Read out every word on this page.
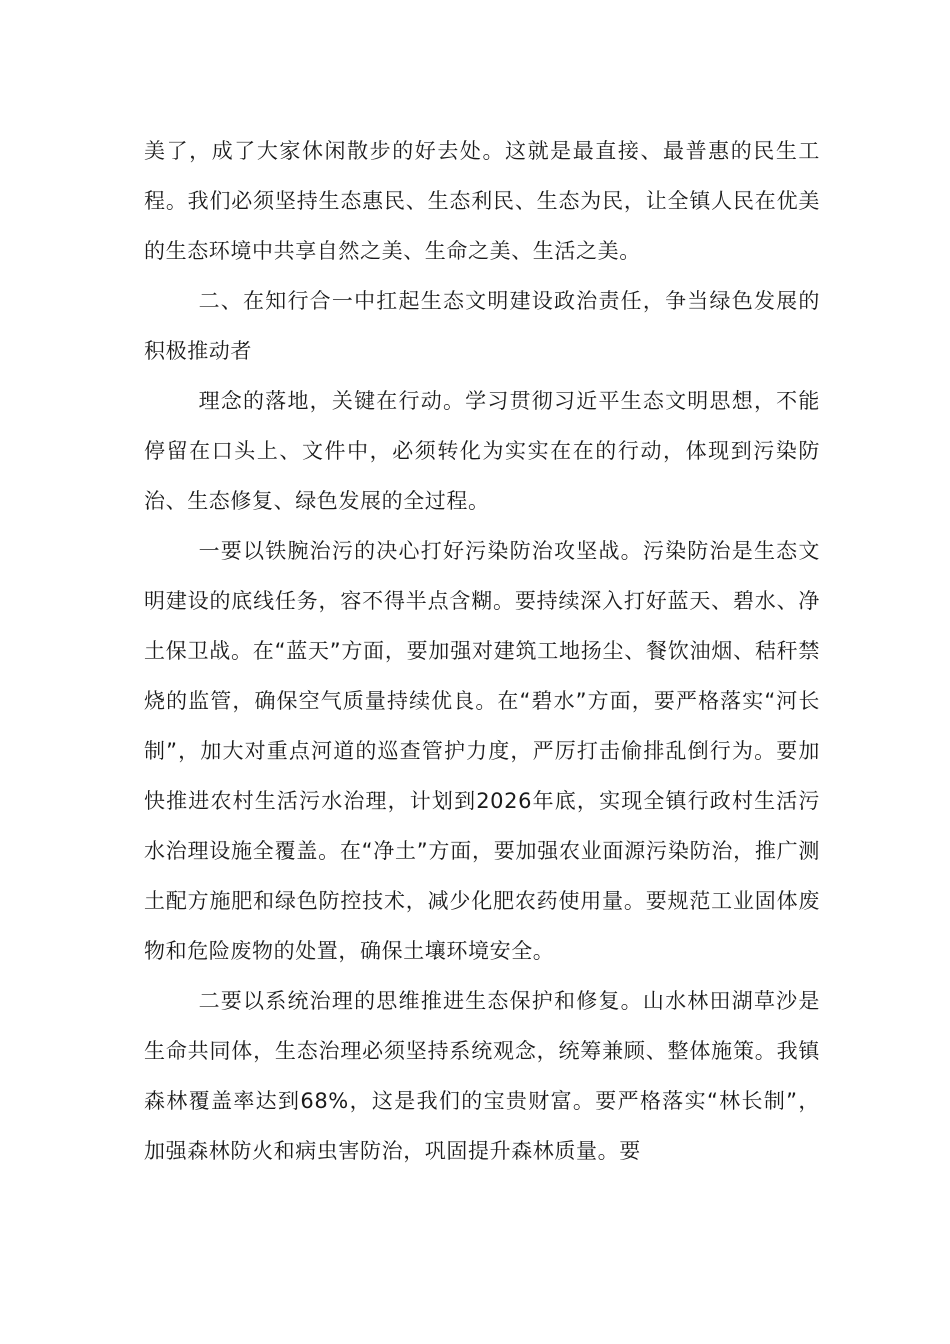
美了，成了大家休闲散步的好去处。这就是最直接、最普惠的民生工程。我们必须坚持生态惠民、生态利民、生态为民，让全镇人民在优美的生态环境中共享自然之美、生命之美、生活之美。

二、在知行合一中扛起生态文明建设政治责任，争当绿色发展的积极推动者

理念的落地，关键在行动。学习贯彻习近平生态文明思想，不能停留在口头上、文件中，必须转化为实实在在的行动，体现到污染防治、生态修复、绿色发展的全过程。

一要以铁腕治污的决心打好污染防治攻坚战。污染防治是生态文明建设的底线任务，容不得半点含糊。要持续深入打好蓝天、碧水、净土保卫战。在“蓝天”方面，要加强对建筑工地扬尘、餐饮油烟、秸秆禁烧的监管，确保空气质量持续优良。在“碧水”方面，要严格落实“河长制”，加大对重点河道的巡查管护力度，严厉打击偷排乱倒行为。要加快推进农村生活污水治理，计划到2026年底，实现全镇行政村生活污水治理设施全覆盖。在“净土”方面，要加强农业面源污染防治，推广测土配方施肥和绿色防控技术，减少化肥农药使用量。要规范工业固体废物和危险废物的处置，确保土壤环境安全。

二要以系统治理的思维推进生态保护和修复。山水林田湖草沙是生命共同体，生态治理必须坚持系统观念，统筹兼顾、整体施策。我镇森林覆盖率达到68%，这是我们的宝贵财富。要严格落实“林长制”，加强森林防火和病虫害防治，巩固提升森林质量。要
